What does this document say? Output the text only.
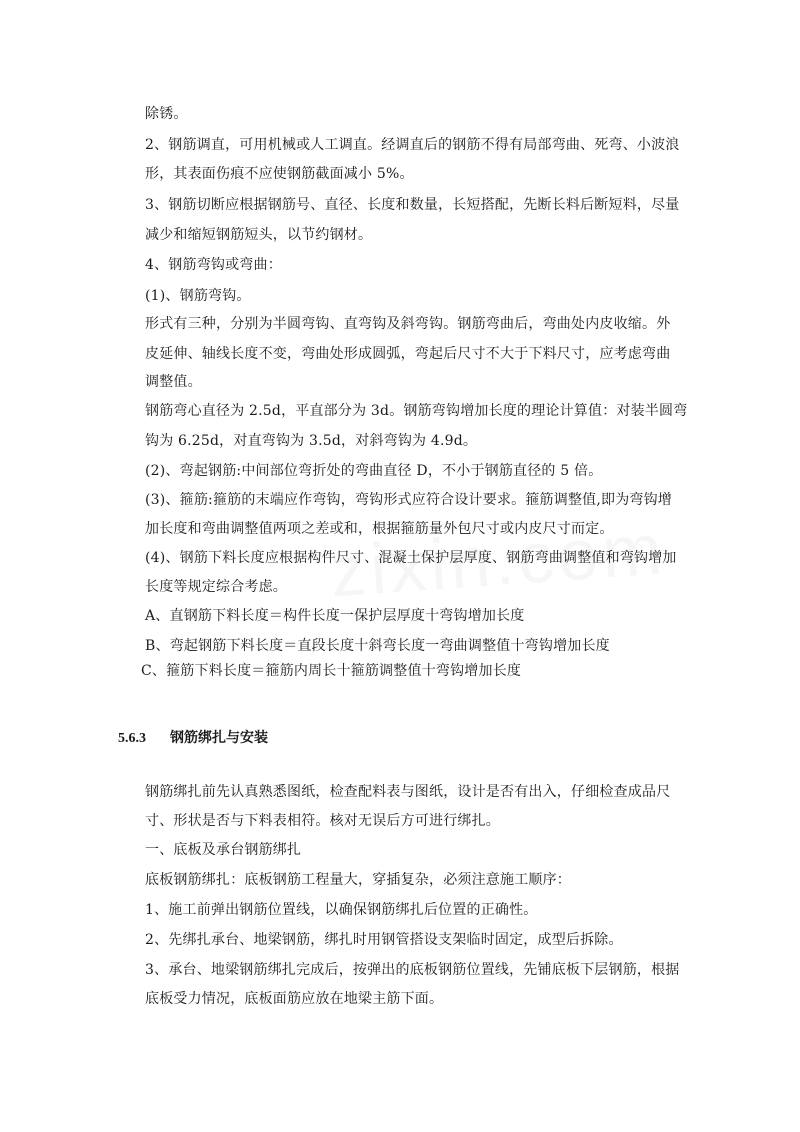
除锈。
2、钢筋调直，可用机械或人工调直。经调直后的钢筋不得有局部弯曲、死弯、小波浪
形，其表面伤痕不应使钢筋截面减小 5%。
3、钢筋切断应根据钢筋号、直径、长度和数量，长短搭配，先断长料后断短料，尽量
减少和缩短钢筋短头，以节约钢材。
4、钢筋弯钩或弯曲：
(1)、钢筋弯钩。
形式有三种，分别为半圆弯钩、直弯钩及斜弯钩。钢筋弯曲后，弯曲处内皮收缩。外
皮延伸、轴线长度不变，弯曲处形成圆弧，弯起后尺寸不大于下料尺寸，应考虑弯曲
调整值。
钢筋弯心直径为 2.5d，平直部分为 3d。钢筋弯钩增加长度的理论计算值：对装半圆弯
钩为 6.25d，对直弯钩为 3.5d，对斜弯钩为 4.9d。
(2)、弯起钢筋:中间部位弯折处的弯曲直径 D，不小于钢筋直径的 5 倍。
(3)、箍筋:箍筋的末端应作弯钩，弯钩形式应符合设计要求。箍筋调整值,即为弯钩增
加长度和弯曲调整值两项之差或和，根据箍筋量外包尺寸或内皮尺寸而定。
(4)、钢筋下料长度应根据构件尺寸、混凝土保护层厚度、钢筋弯曲调整值和弯钩增加
长度等规定综合考虑。
A、直钢筋下料长度＝构件长度一保护层厚度十弯钩增加长度
B、弯起钢筋下料长度＝直段长度十斜弯长度一弯曲调整值十弯钩增加长度
C、箍筋下料长度＝箍筋内周长十箍筋调整值十弯钩增加长度
5.6.3 钢筋绑扎与安装
钢筋绑扎前先认真熟悉图纸，检查配料表与图纸，设计是否有出入，仔细检查成品尺
寸、形状是否与下料表相符。核对无误后方可进行绑扎。
一、底板及承台钢筋绑扎
底板钢筋绑扎：底板钢筋工程量大，穿插复杂，必须注意施工顺序：
1、施工前弹出钢筋位置线，以确保钢筋绑扎后位置的正确性。
2、先绑扎承台、地梁钢筋，绑扎时用钢管搭设支架临时固定，成型后拆除。
3、承台、地梁钢筋绑扎完成后，按弹出的底板钢筋位置线，先铺底板下层钢筋，根据
底板受力情况，底板面筋应放在地梁主筋下面。
